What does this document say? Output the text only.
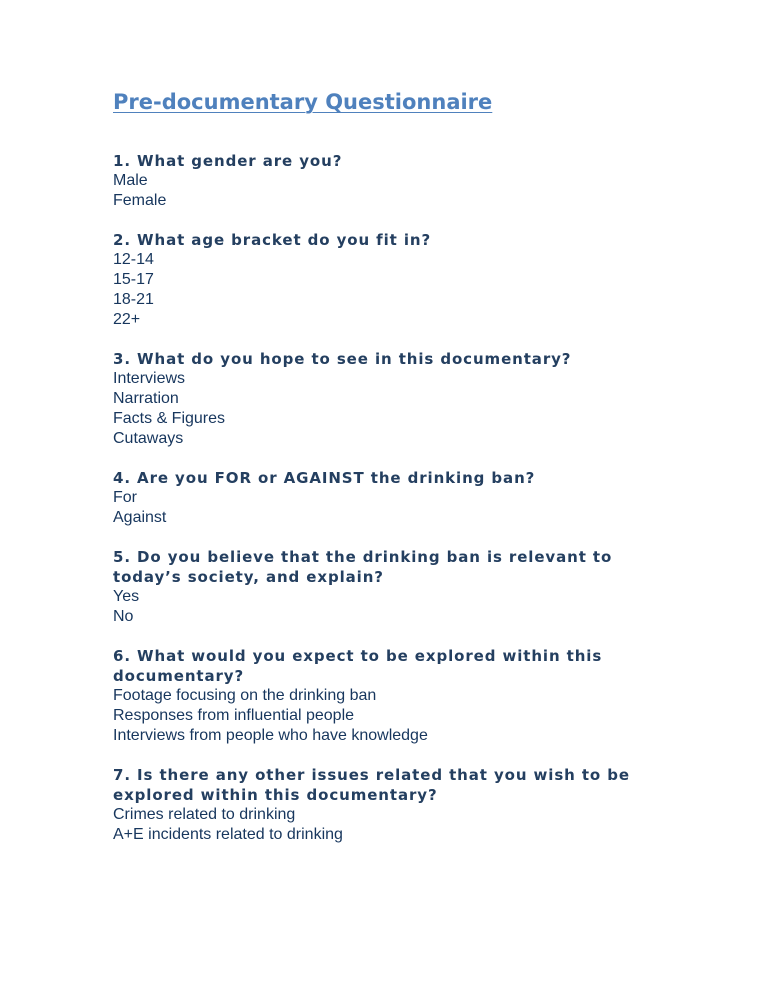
Pre-documentary Questionnaire

1. What gender are you?

Male
Female

2. What age bracket do you fit in?

12-14
15-17
18-21
22+

3. What do you hope to see in this documentary?

Interviews
Narration
Facts & Figures
Cutaways

4. Are you FOR or AGAINST the drinking ban?

For
Against

5. Do you believe that the drinking ban is relevant to today’s society, and explain?

Yes
No

6. What would you expect to be explored within this documentary?

Footage focusing on the drinking ban
Responses from influential people
Interviews from people who have knowledge

7. Is there any other issues related that you wish to be explored within this documentary?

Crimes related to drinking
A+E incidents related to drinking
